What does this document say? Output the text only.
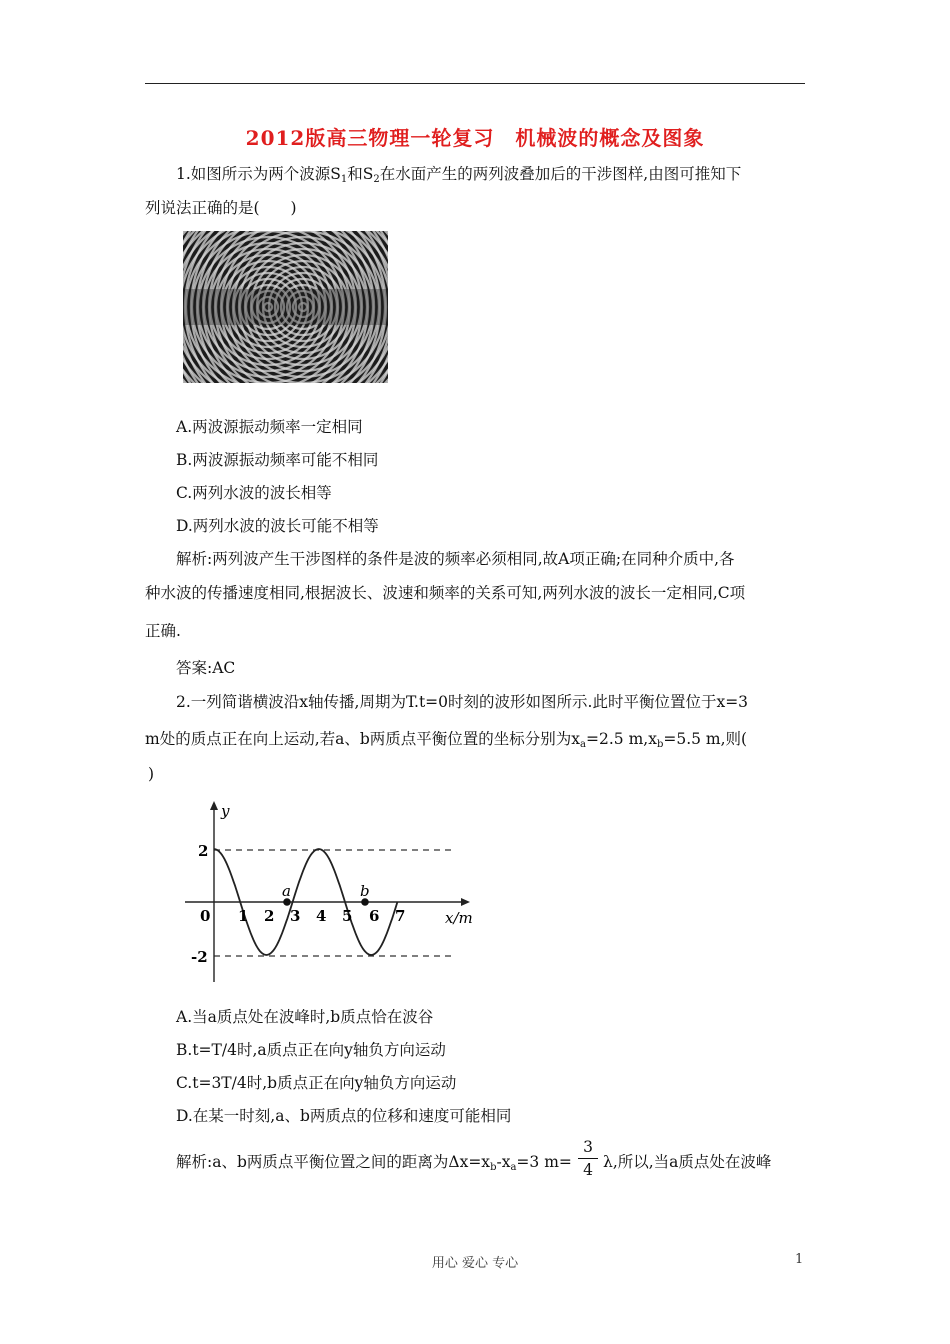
2012版高三物理一轮复习　机械波的概念及图象
1.如图所示为两个波源$S_1$和$S_2$在水面产生的两列波叠加后的干涉图样,由图可推知下
列说法正确的是(　　)
A.两波源振动频率一定相同
B.两波源振动频率可能不相同
C.两列水波的波长相等
D.两列水波的波长可能不相等
解析:两列波产生干涉图样的条件是波的频率必须相同,故A项正确;在同种介质中,各
种水波的传播速度相同,根据波长、波速和频率的关系可知,两列水波的波长一定相同,C项
正确.
答案:AC
2.一列简谐横波沿x轴传播,周期为T.t=0时刻的波形如图所示.此时平衡位置位于x=3
m处的质点正在向上运动,若a、b两质点平衡位置的坐标分别为$x_a=2.5$ $m,x_b=5.5$ m,则(
)
y
x/m
0
2
-2
1 2 3 4 5 6 7
a	b
A.当a质点处在波峰时,b质点恰在波谷
B.t=T/4时,a质点正在向y轴负方向运动
C.t=3T/4时,b质点正在向y轴负方向运动
D.在某一时刻,a、b两质点的位移和速度可能相同
解析:a、b两质点平衡位置之间的距离为$\Delta x=x_b-x_a=3$ m=
3
4 λ,所以,当a质点处在波峰
用心 爱心 专心	1
